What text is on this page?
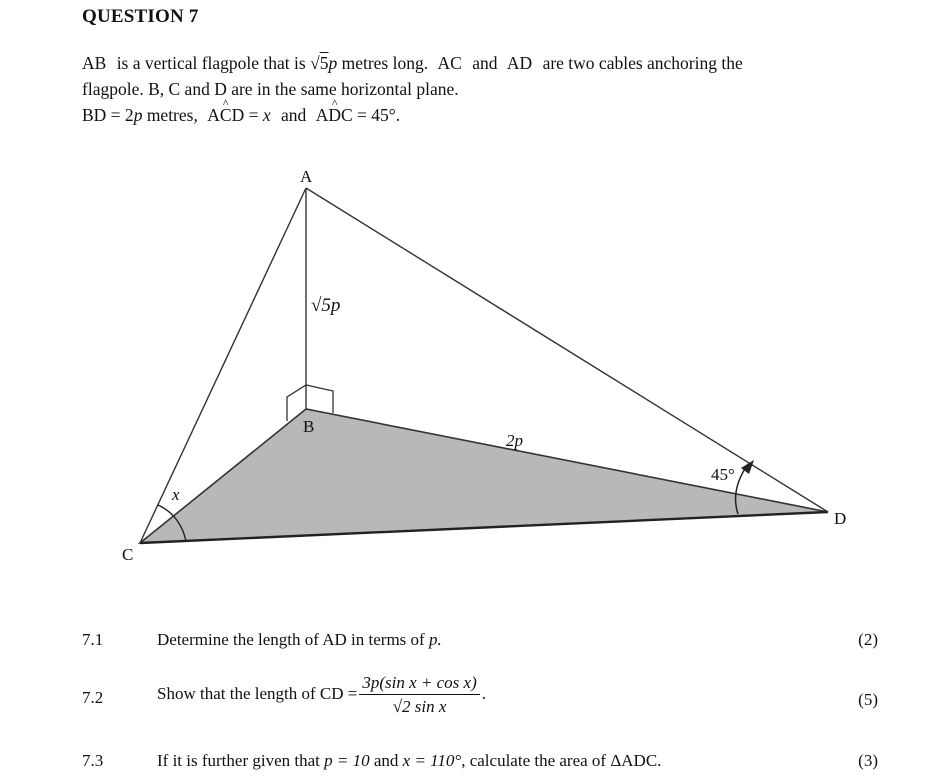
QUESTION 7
AB is a vertical flagpole that is √5p metres long. AC and AD are two cables anchoring the
flagpole. B, C and D are in the same horizontal plane.
BD = 2p metres, A^ CD = x and A^ DC = 45°.
A
B
C
D
√5p
2p
x
45°
7.1	Determine the length of AD in terms of p.	(2)
7.2	Show that the length of CD = $\frac{\text{3p(sin x + cos x)}}{\text{√2 sin x}}$ .	(5)
7.3	If it is further given that p = 10 and x = 110°, calculate the area of ΔADC.	(3)
